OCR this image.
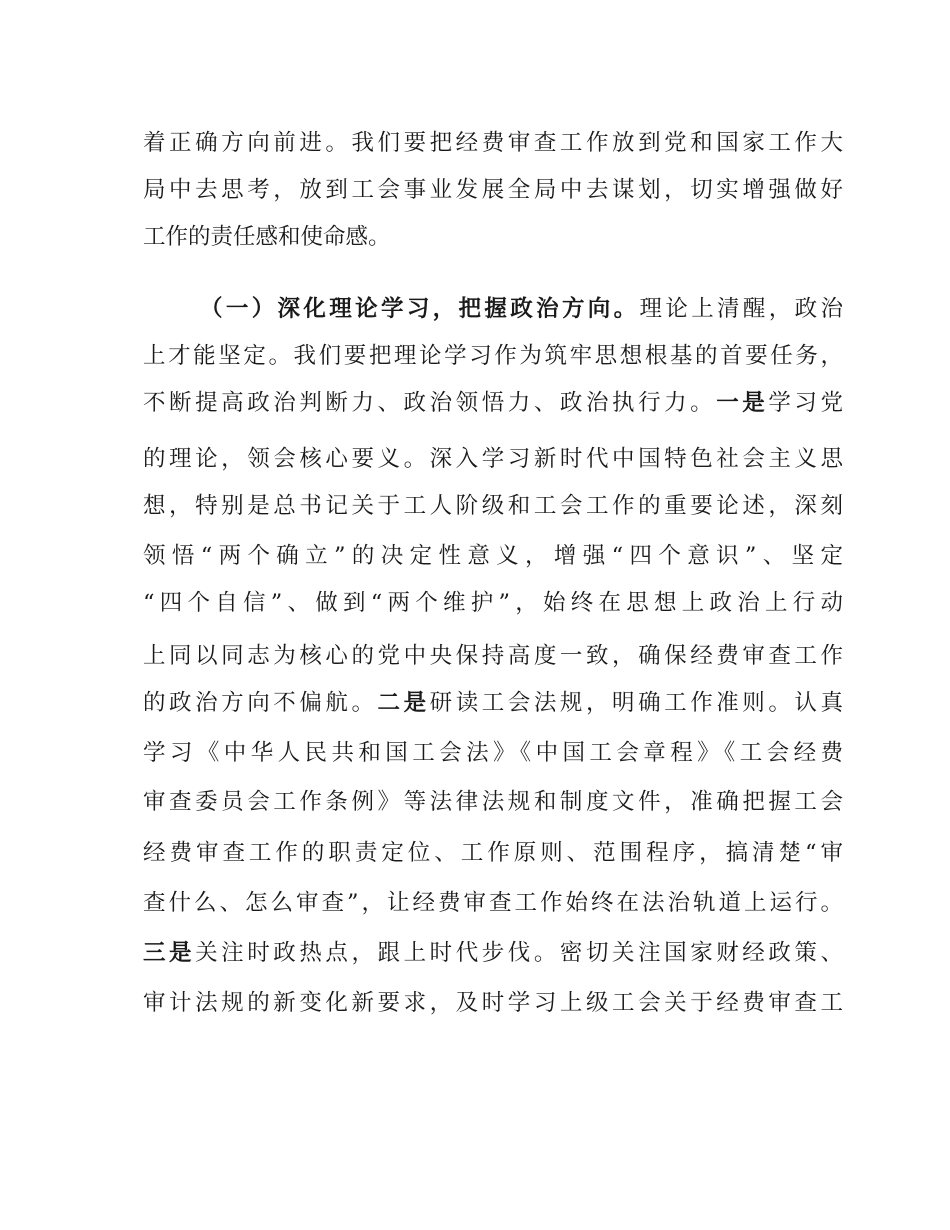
着正确方向前进。我们要把经费审查工作放到党和国家工作大
局中去思考，放到工会事业发展全局中去谋划，切实增强做好
工作的责任感和使命感。
（一）深化理论学习，把握政治方向。理论上清醒，政治
上才能坚定。我们要把理论学习作为筑牢思想根基的首要任务，
不断提高政治判断力、政治领悟力、政治执行力。一是学习党
的理论，领会核心要义。深入学习新时代中国特色社会主义思
想，特别是总书记关于工人阶级和工会工作的重要论述，深刻
领悟“两个确立”的决定性意义，增强“四个意识”、坚定
“四个自信”、做到“两个维护”，始终在思想上政治上行动
上同以同志为核心的党中央保持高度一致，确保经费审查工作
的政治方向不偏航。二是研读工会法规，明确工作准则。认真
学习《中华人民共和国工会法》《中国工会章程》《工会经费
审查委员会工作条例》等法律法规和制度文件，准确把握工会
经费审查工作的职责定位、工作原则、范围程序，搞清楚“审
查什么、怎么审查”，让经费审查工作始终在法治轨道上运行。
三是关注时政热点，跟上时代步伐。密切关注国家财经政策、
审计法规的新变化新要求，及时学习上级工会关于经费审查工
